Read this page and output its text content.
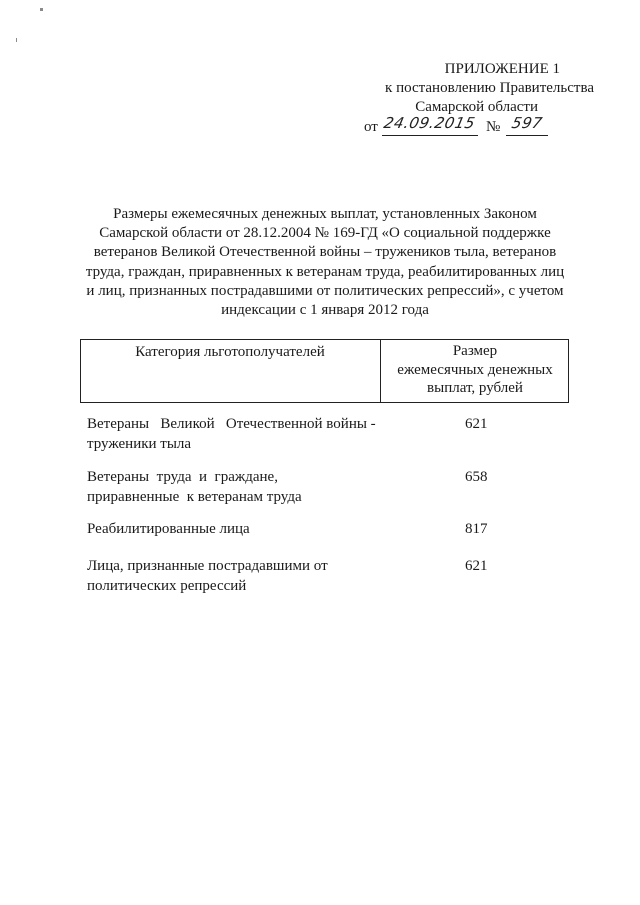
ПРИЛОЖЕНИЕ 1
к постановлению Правительства
Самарской области
от 24.09.2015 № 597
Размеры ежемесячных денежных выплат, установленных Законом
Самарской области от 28.12.2004 № 169-ГД «О социальной поддержке
ветеранов Великой Отечественной войны – тружеников тыла, ветеранов
труда, граждан, приравненных к ветеранам труда, реабилитированных лиц
и лиц, признанных пострадавшими от политических репрессий», с учетом
индексации с 1 января 2012 года
Категория льготополучателей	Размер
ежемесячных денежных
выплат, рублей
Ветераны   Великой   Отечественной войны -
труженики тыла
621
Ветераны  труда  и  граждане,
приравненные  к ветеранам труда
658
Реабилитированные лица	817
Лица, признанные пострадавшими от
политических репрессий
621
